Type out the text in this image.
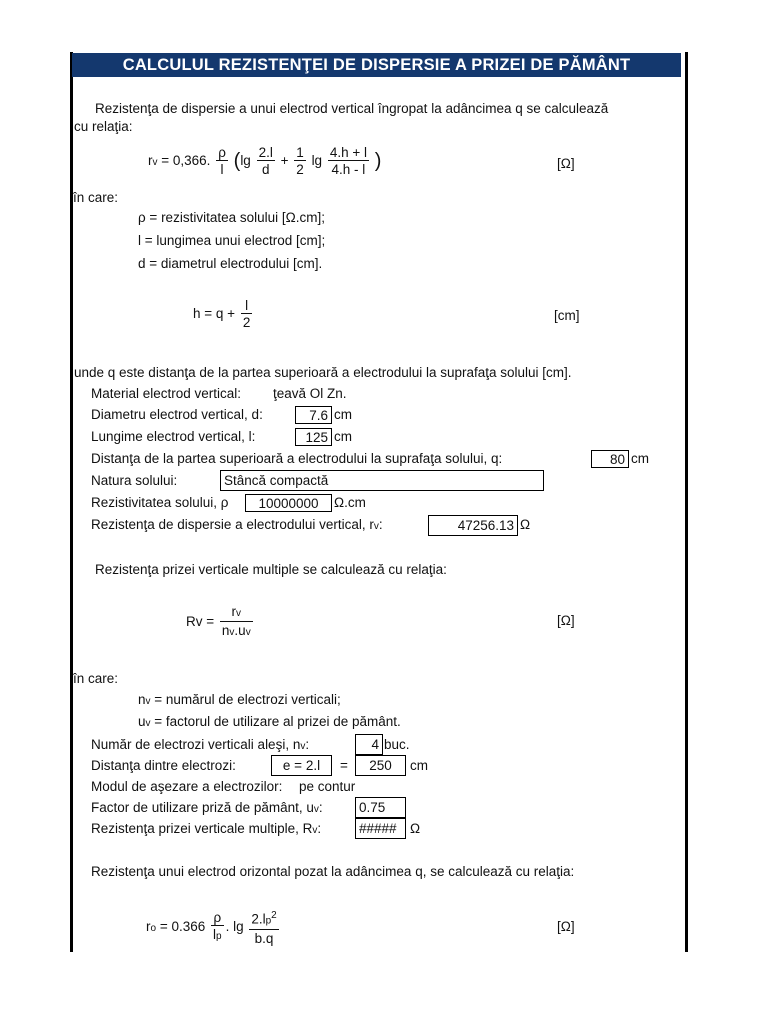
CALCULUL REZISTENŢEI DE DISPERSIE A PRIZEI DE PĂMÂNT
Rezistenţa de dispersie a unui electrod vertical îngropat la adâncimea q se calculează
cu relaţia:
rv = 0,366. $\frac{\rho}{l} (\lg \frac{2.l}{d} + \frac{1}{2}$ $\lg \frac{4.h + l}{4.h - l}$ )	[Ω]
în care:
ρ = rezistivitatea solului [Ω.cm];
l = lungimea unui electrod [cm];
d = diametrul electrodului [cm].
$h = q + \frac{l}{2}$	[cm]
unde q este distanţa de la partea superioară a electrodului la suprafaţa solului [cm].
Material electrod vertical: ţeavă Ol Zn.
Diametru electrod vertical, d:	7.6 cm
Lungime electrod vertical, l:	125 cm
Distanţa de la partea superioară a electrodului la suprafaţa solului, q:	80 cm
Natura solului:	Stâncă compactă
Rezistivitatea solului, ρ	10000000	Ω.cm
Rezistenţa de dispersie a electrodului vertical, rv:	47256.13 Ω
Rezistenţa prizei verticale multiple se calculează cu relaţia:
$Rv = \frac{rv}{nv.uv}$	[Ω]
în care:
nv = numărul de electrozi verticali;
uv = factorul de utilizare al prizei de pământ.
Număr de electrozi verticali aleşi, nv:	4 buc.
Distanţa dintre electrozi:	e = 2.l	=	250	cm
Modul de aşezare a electrozilor: pe contur
Factor de utilizare priză de pământ, uv:	0.75
Rezistenţa prizei verticale multiple, Rv:	##### Ω
Rezistenţa unui electrod orizontal pozat la adâncimea q, se calculează cu relaţia:
ro = $0.366 \frac{\rho}{lp}$ . $\lg \frac{2.lp^2}{b.q}$	[Ω]
